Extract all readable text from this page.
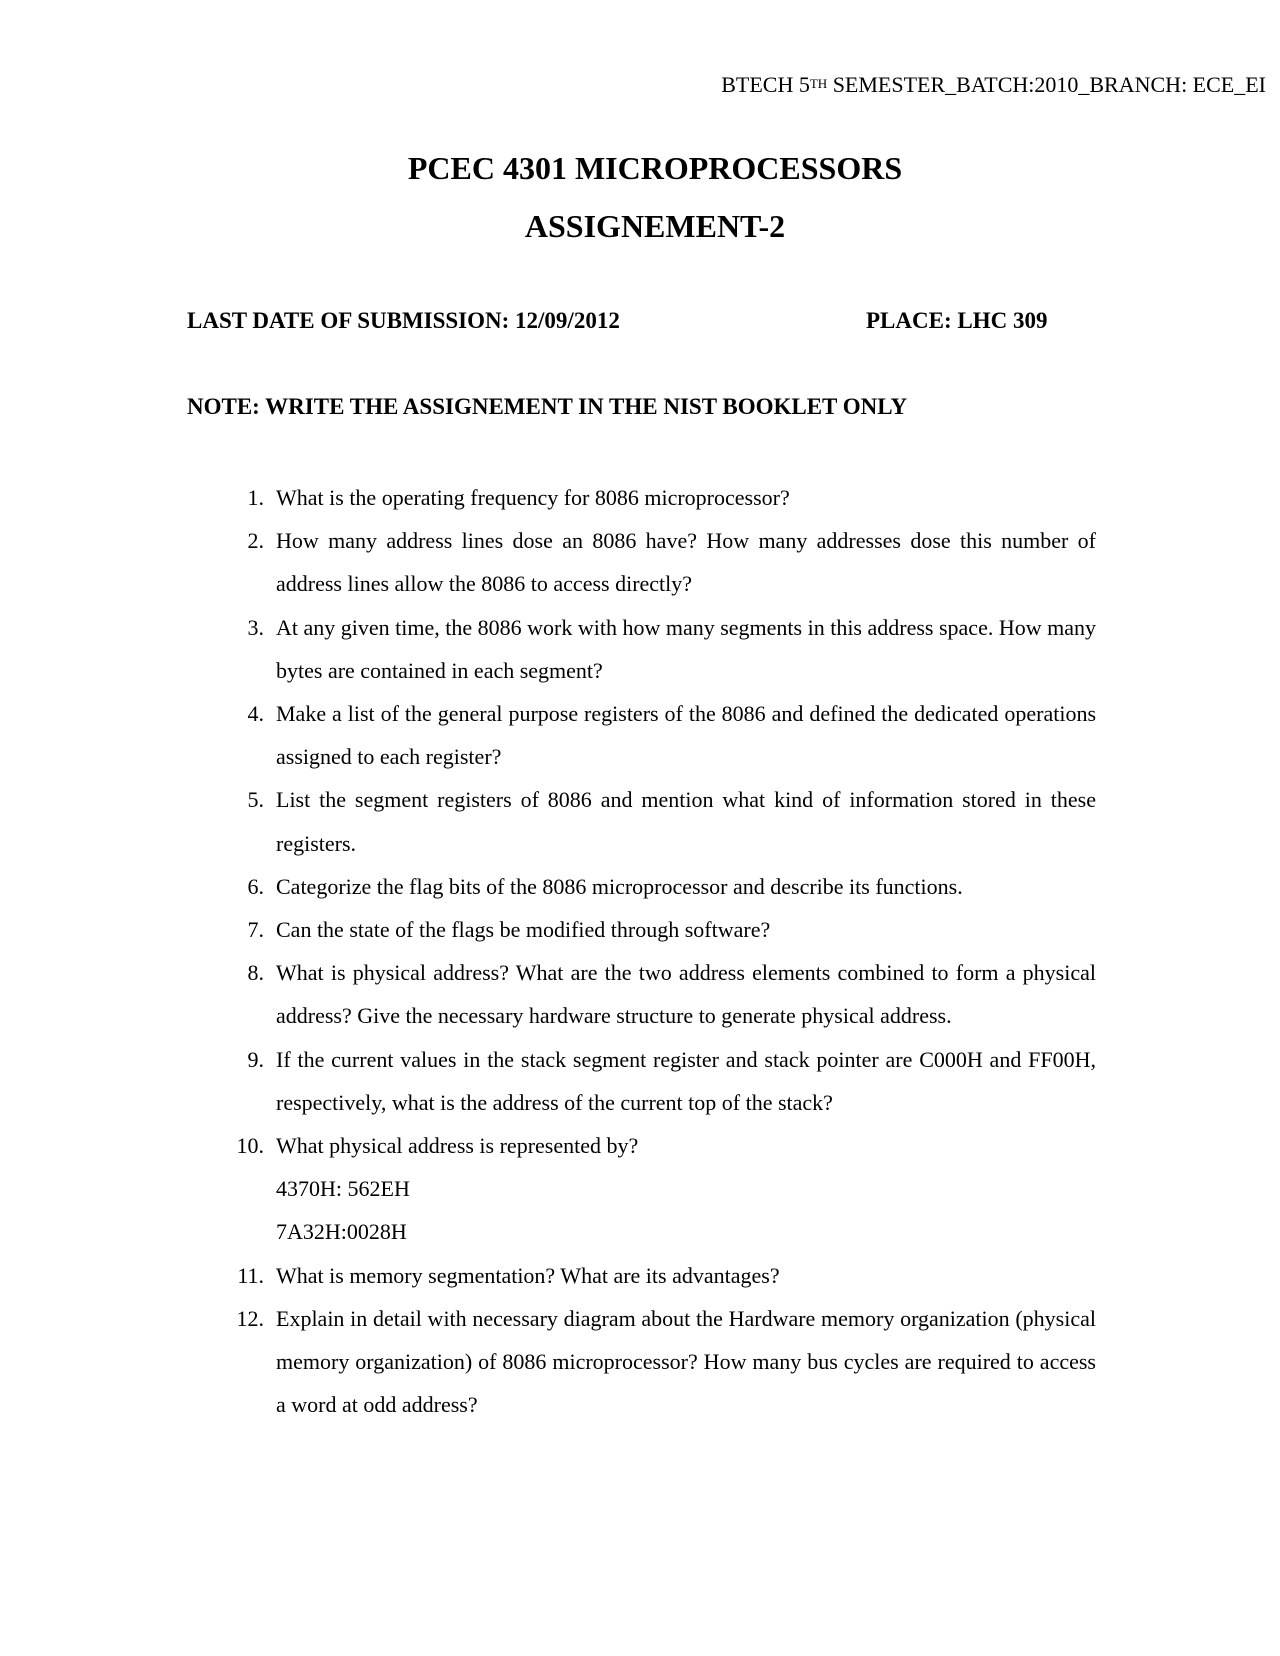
BTECH 5TH SEMESTER_BATCH:2010_BRANCH: ECE_EI
PCEC 4301 MICROPROCESSORS
ASSIGNEMENT-2
LAST DATE OF SUBMISSION: 12/09/2012	PLACE: LHC 309
NOTE: WRITE THE ASSIGNEMENT IN THE NIST BOOKLET ONLY
1. What is the operating frequency for 8086 microprocessor?
2. How many address lines dose an 8086 have? How many addresses dose this number of address lines allow the 8086 to access directly?
3. At any given time, the 8086 work with how many segments in this address space. How many bytes are contained in each segment?
4. Make a list of the general purpose registers of the 8086 and defined the dedicated operations assigned to each register?
5. List the segment registers of 8086 and mention what kind of information stored in these registers.
6. Categorize the flag bits of the 8086 microprocessor and describe its functions.
7. Can the state of the flags be modified through software?
8. What is physical address? What are the two address elements combined to form a physical address? Give the necessary hardware structure to generate physical address.
9. If the current values in the stack segment register and stack pointer are C000H and FF00H, respectively, what is the address of the current top of the stack?
10. What physical address is represented by?
4370H: 562EH
7A32H:0028H
11. What is memory segmentation? What are its advantages?
12. Explain in detail with necessary diagram about the Hardware memory organization (physical memory organization) of 8086 microprocessor? How many bus cycles are required to access a word at odd address?
